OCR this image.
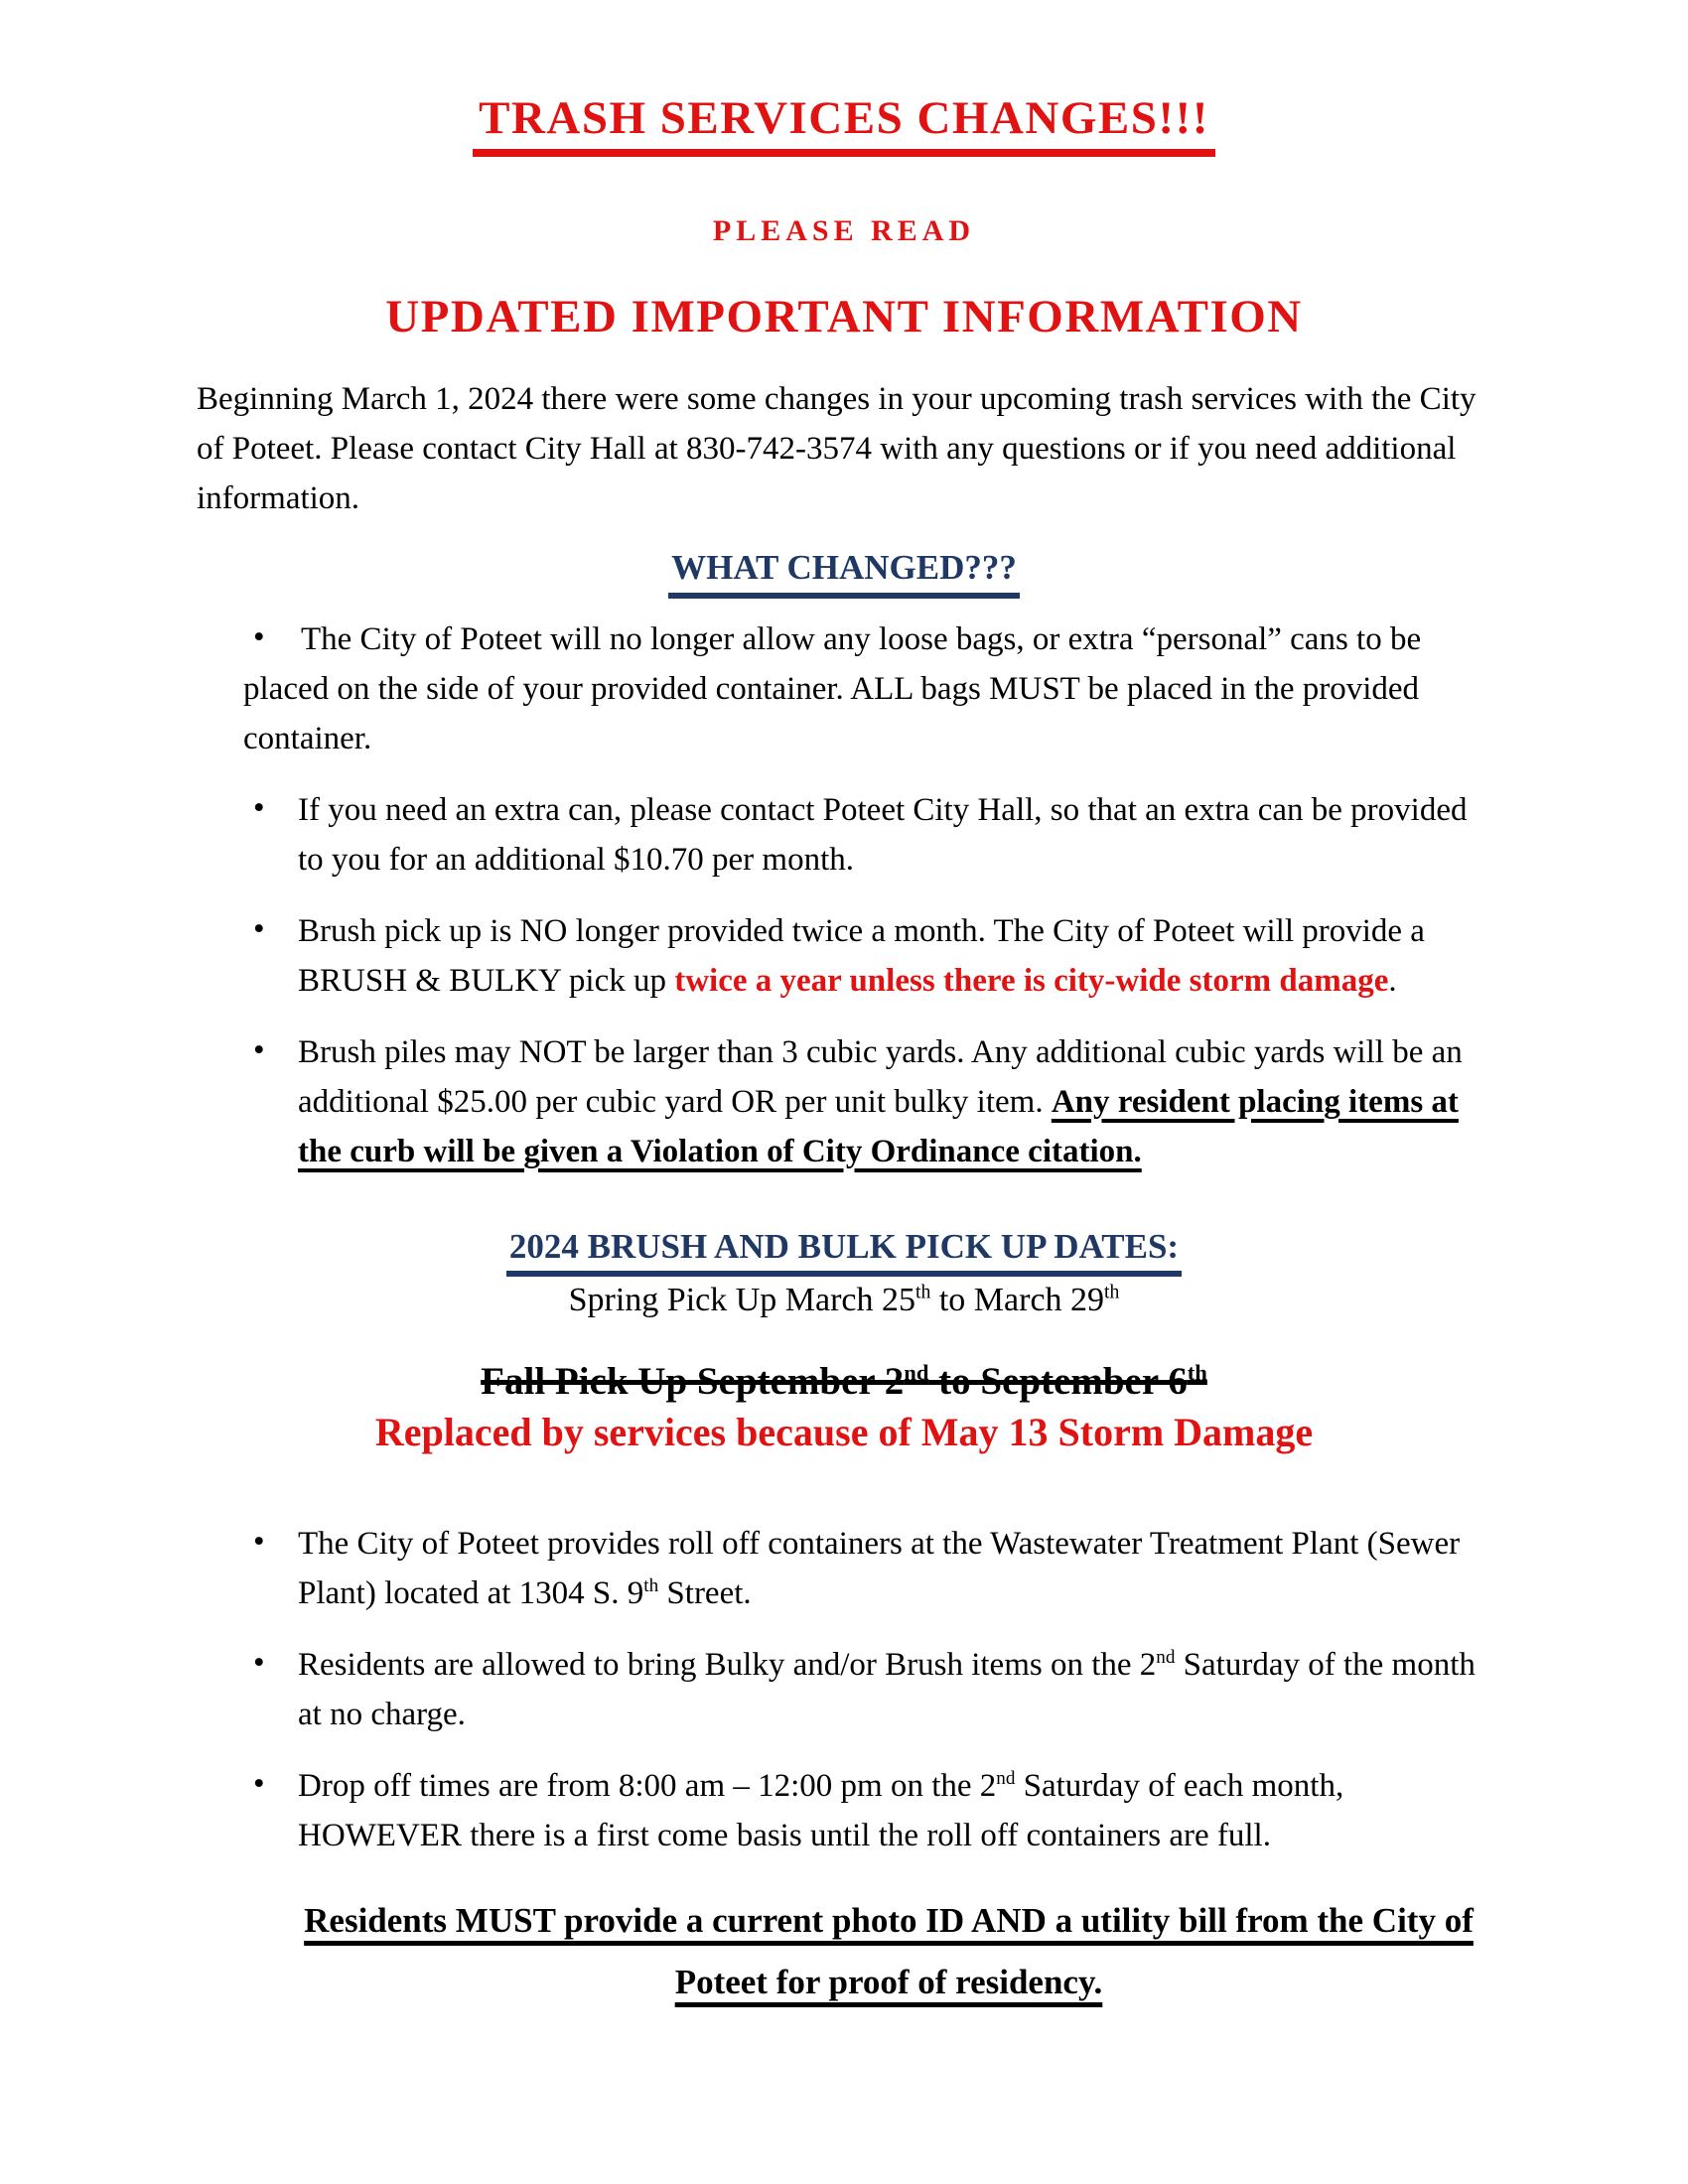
TRASH SERVICES CHANGES!!!
PLEASE READ
UPDATED IMPORTANT INFORMATION

Beginning March 1, 2024 there were some changes in your upcoming trash services with the City of Poteet. Please contact City Hall at 830-742-3574 with any questions or if you need additional information.

WHAT CHANGED???
• The City of Poteet will no longer allow any loose bags, or extra “personal” cans to be placed on the side of your provided container. ALL bags MUST be placed in the provided container.
• If you need an extra can, please contact Poteet City Hall, so that an extra can be provided to you for an additional $10.70 per month.
• Brush pick up is NO longer provided twice a month. The City of Poteet will provide a BRUSH & BULKY pick up twice a year unless there is city-wide storm damage.
• Brush piles may NOT be larger than 3 cubic yards. Any additional cubic yards will be an additional $25.00 per cubic yard OR per unit bulky item. Any resident placing items at the curb will be given a Violation of City Ordinance citation.
2024 BRUSH AND BULK PICK UP DATES:
Spring Pick Up March 25th to March 29th
Fall Pick Up September 2nd to September 6th
Replaced by services because of May 13 Storm Damage
• The City of Poteet provides roll off containers at the Wastewater Treatment Plant (Sewer Plant) located at 1304 S. 9th Street.
• Residents are allowed to bring Bulky and/or Brush items on the 2nd Saturday of the month at no charge.
• Drop off times are from 8:00 am – 12:00 pm on the 2nd Saturday of each month, HOWEVER there is a first come basis until the roll off containers are full.
Residents MUST provide a current photo ID AND a utility bill from the City of Poteet for proof of residency.
